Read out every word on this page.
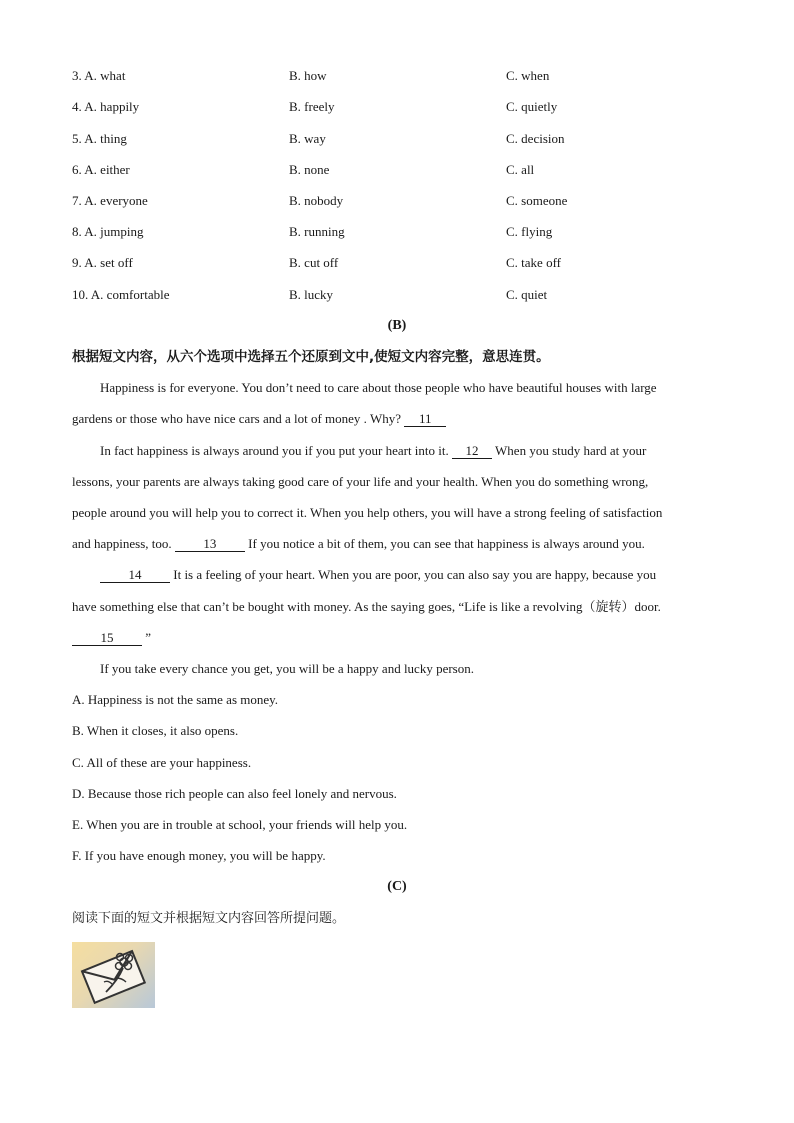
3. A. what	B. how	C. when
4. A. happily	B. freely	C. quietly
5. A. thing	B. way	C. decision
6. A. either	B. none	C. all
7. A. everyone	B. nobody	C. someone
8. A. jumping	B. running	C. flying
9. A. set off	B. cut off	C. take off
10. A. comfortable	B. lucky	C. quiet
(B)
根据短文内容，从六个选项中选择五个还原到文中,使短文内容完整，意思连贯。
Happiness is for everyone. You don’t need to care about those people who have beautiful houses with large
gardens or those who have nice cars and a lot of money . Why? 11
In fact happiness is always around you if you put your heart into it. 12 When you study hard at your
lessons, your parents are always taking good care of your life and your health. When you do something wrong,
people around you will help you to correct it. When you help others, you will have a strong feeling of satisfaction
and happiness, too. 13 If you notice a bit of them, you can see that happiness is always around you.
14 It is a feeling of your heart. When you are poor, you can also say you are happy, because you
have something else that can’t be bought with money. As the saying goes, “Life is like a revolving（旋转）door.
15 ”
If you take every chance you get, you will be a happy and lucky person.
A. Happiness is not the same as money.
B. When it closes, it also opens.
C. All of these are your happiness.
D. Because those rich people can also feel lonely and nervous.
E. When you are in trouble at school, your friends will help you.
F. If you have enough money, you will be happy.
(C)
阅读下面的短文并根据短文内容回答所提问题。
